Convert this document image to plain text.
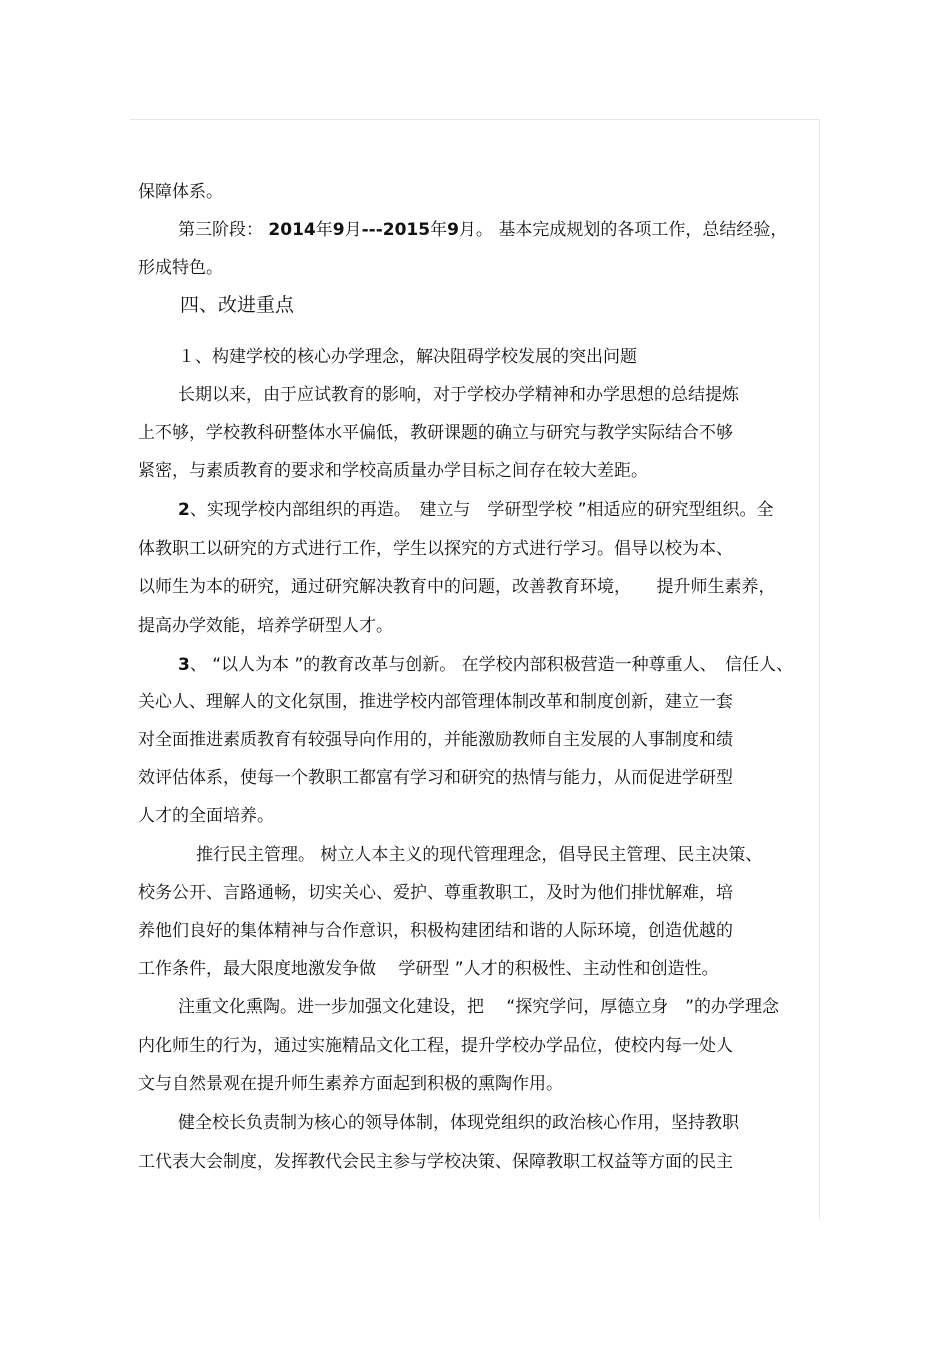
保障体系。
第三阶段： 2014年9月---2015年9月。 基本完成规划的各项工作，总结经验，
形成特色。
四、改进重点
１、构建学校的核心办学理念，解决阻碍学校发展的突出问题
长期以来，由于应试教育的影响，对于学校办学精神和办学思想的总结提炼
上不够，学校教科研整体水平偏低，教研课题的确立与研究与教学实际结合不够
紧密，与素质教育的要求和学校高质量办学目标之间存在较大差距。
2、实现学校内部组织的再造。　建立与　学研型学校 ”相适应的研究型组织。全
体教职工以研究的方式进行工作，学生以探究的方式进行学习。倡导以校为本、
以师生为本的研究，通过研究解决教育中的问题，改善教育环境，　　提升师生素养，
提高办学效能，培养学研型人才。
3、 “以人为本 ”的教育改革与创新。 在学校内部积极营造一种尊重人、　信任人、
关心人、理解人的文化氛围，推进学校内部管理体制改革和制度创新，建立一套
对全面推进素质教育有较强导向作用的，并能激励教师自主发展的人事制度和绩
效评估体系，使每一个教职工都富有学习和研究的热情与能力，从而促进学研型
人才的全面培养。
推行民主管理。 树立人本主义的现代管理理念，倡导民主管理、民主决策、
校务公开、言路通畅，切实关心、爱护、尊重教职工，及时为他们排忧解难，培
养他们良好的集体精神与合作意识，积极构建团结和谐的人际环境，创造优越的
工作条件，最大限度地激发争做　 学研型 ”人才的积极性、主动性和创造性。
注重文化熏陶。进一步加强文化建设，把　 “探究学问，厚德立身　”的办学理念
内化师生的行为，通过实施精品文化工程，提升学校办学品位，使校内每一处人
文与自然景观在提升师生素养方面起到积极的熏陶作用。
健全校长负责制为核心的领导体制，体现党组织的政治核心作用，坚持教职
工代表大会制度，发挥教代会民主参与学校决策、保障教职工权益等方面的民主
